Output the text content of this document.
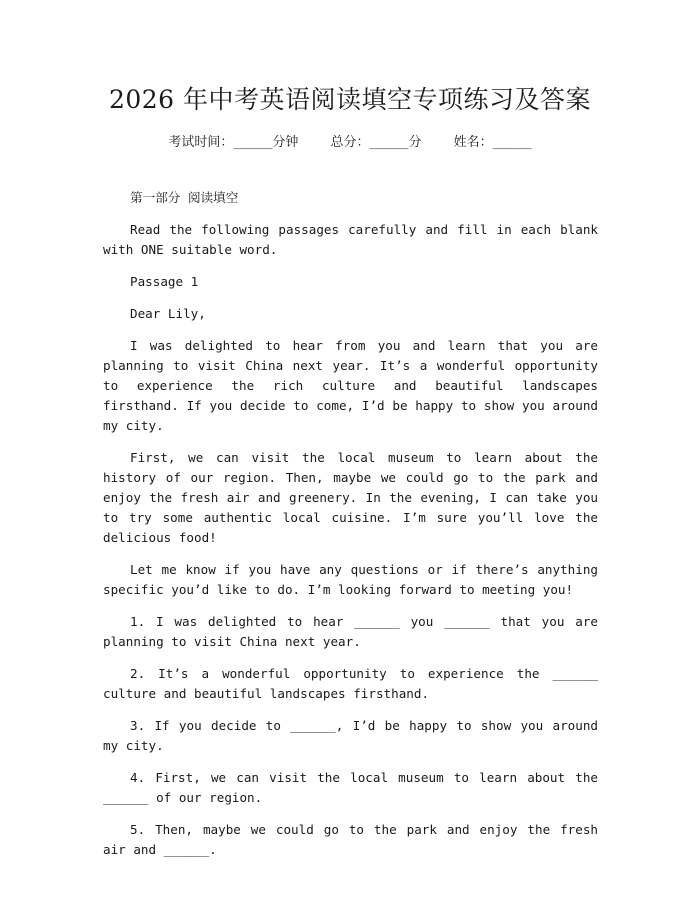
2026 年中考英语阅读填空专项练习及答案
考试时间：______分钟 总分：______分 姓名：______

第一部分 阅读填空

Read the following passages carefully and fill in each blank with ONE suitable word.

Passage 1

Dear Lily,

I was delighted to hear from you and learn that you are planning to visit China next year. It’s a wonderful opportunity to experience the rich culture and beautiful landscapes firsthand. If you decide to come, I’d be happy to show you around my city.

First, we can visit the local museum to learn about the history of our region. Then, maybe we could go to the park and enjoy the fresh air and greenery. In the evening, I can take you to try some authentic local cuisine. I’m sure you’ll love the delicious food!

Let me know if you have any questions or if there’s anything specific you’d like to do. I’m looking forward to meeting you!

1. I was delighted to hear ______ you ______ that you are planning to visit China next year.

2. It’s a wonderful opportunity to experience the ______ culture and beautiful landscapes firsthand.

3. If you decide to ______, I’d be happy to show you around my city.

4. First, we can visit the local museum to learn about the ______ of our region.

5. Then, maybe we could go to the park and enjoy the fresh air and ______.
